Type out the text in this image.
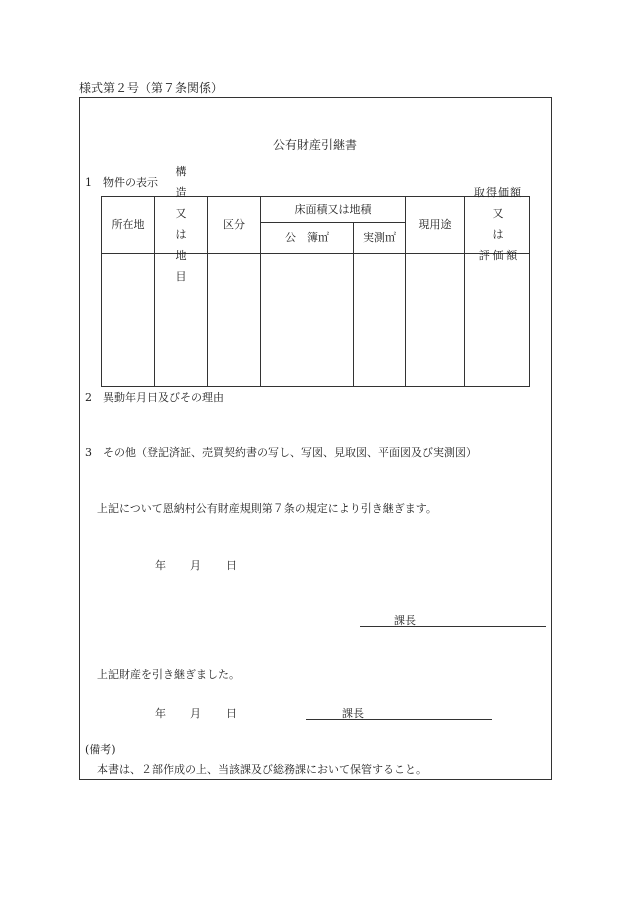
様式第２号（第７条関係）
公有財産引継書
1　物件の表示
所在地
構　造
又　は
地　目
区分
床面積又は地積
公　簿㎡	実測㎡
現用途
取得価額
又　は
評価額
2　異動年月日及びその理由
3　その他（登記済証、売買契約書の写し、写図、見取図、平面図及び実測図）
上記について恩納村公有財産規則第７条の規定により引き継ぎます。
年 月 日
課長
上記財産を引き継ぎました。
年 月 日	課長
(備考)
本書は、２部作成の上、当該課及び総務課において保管すること。
